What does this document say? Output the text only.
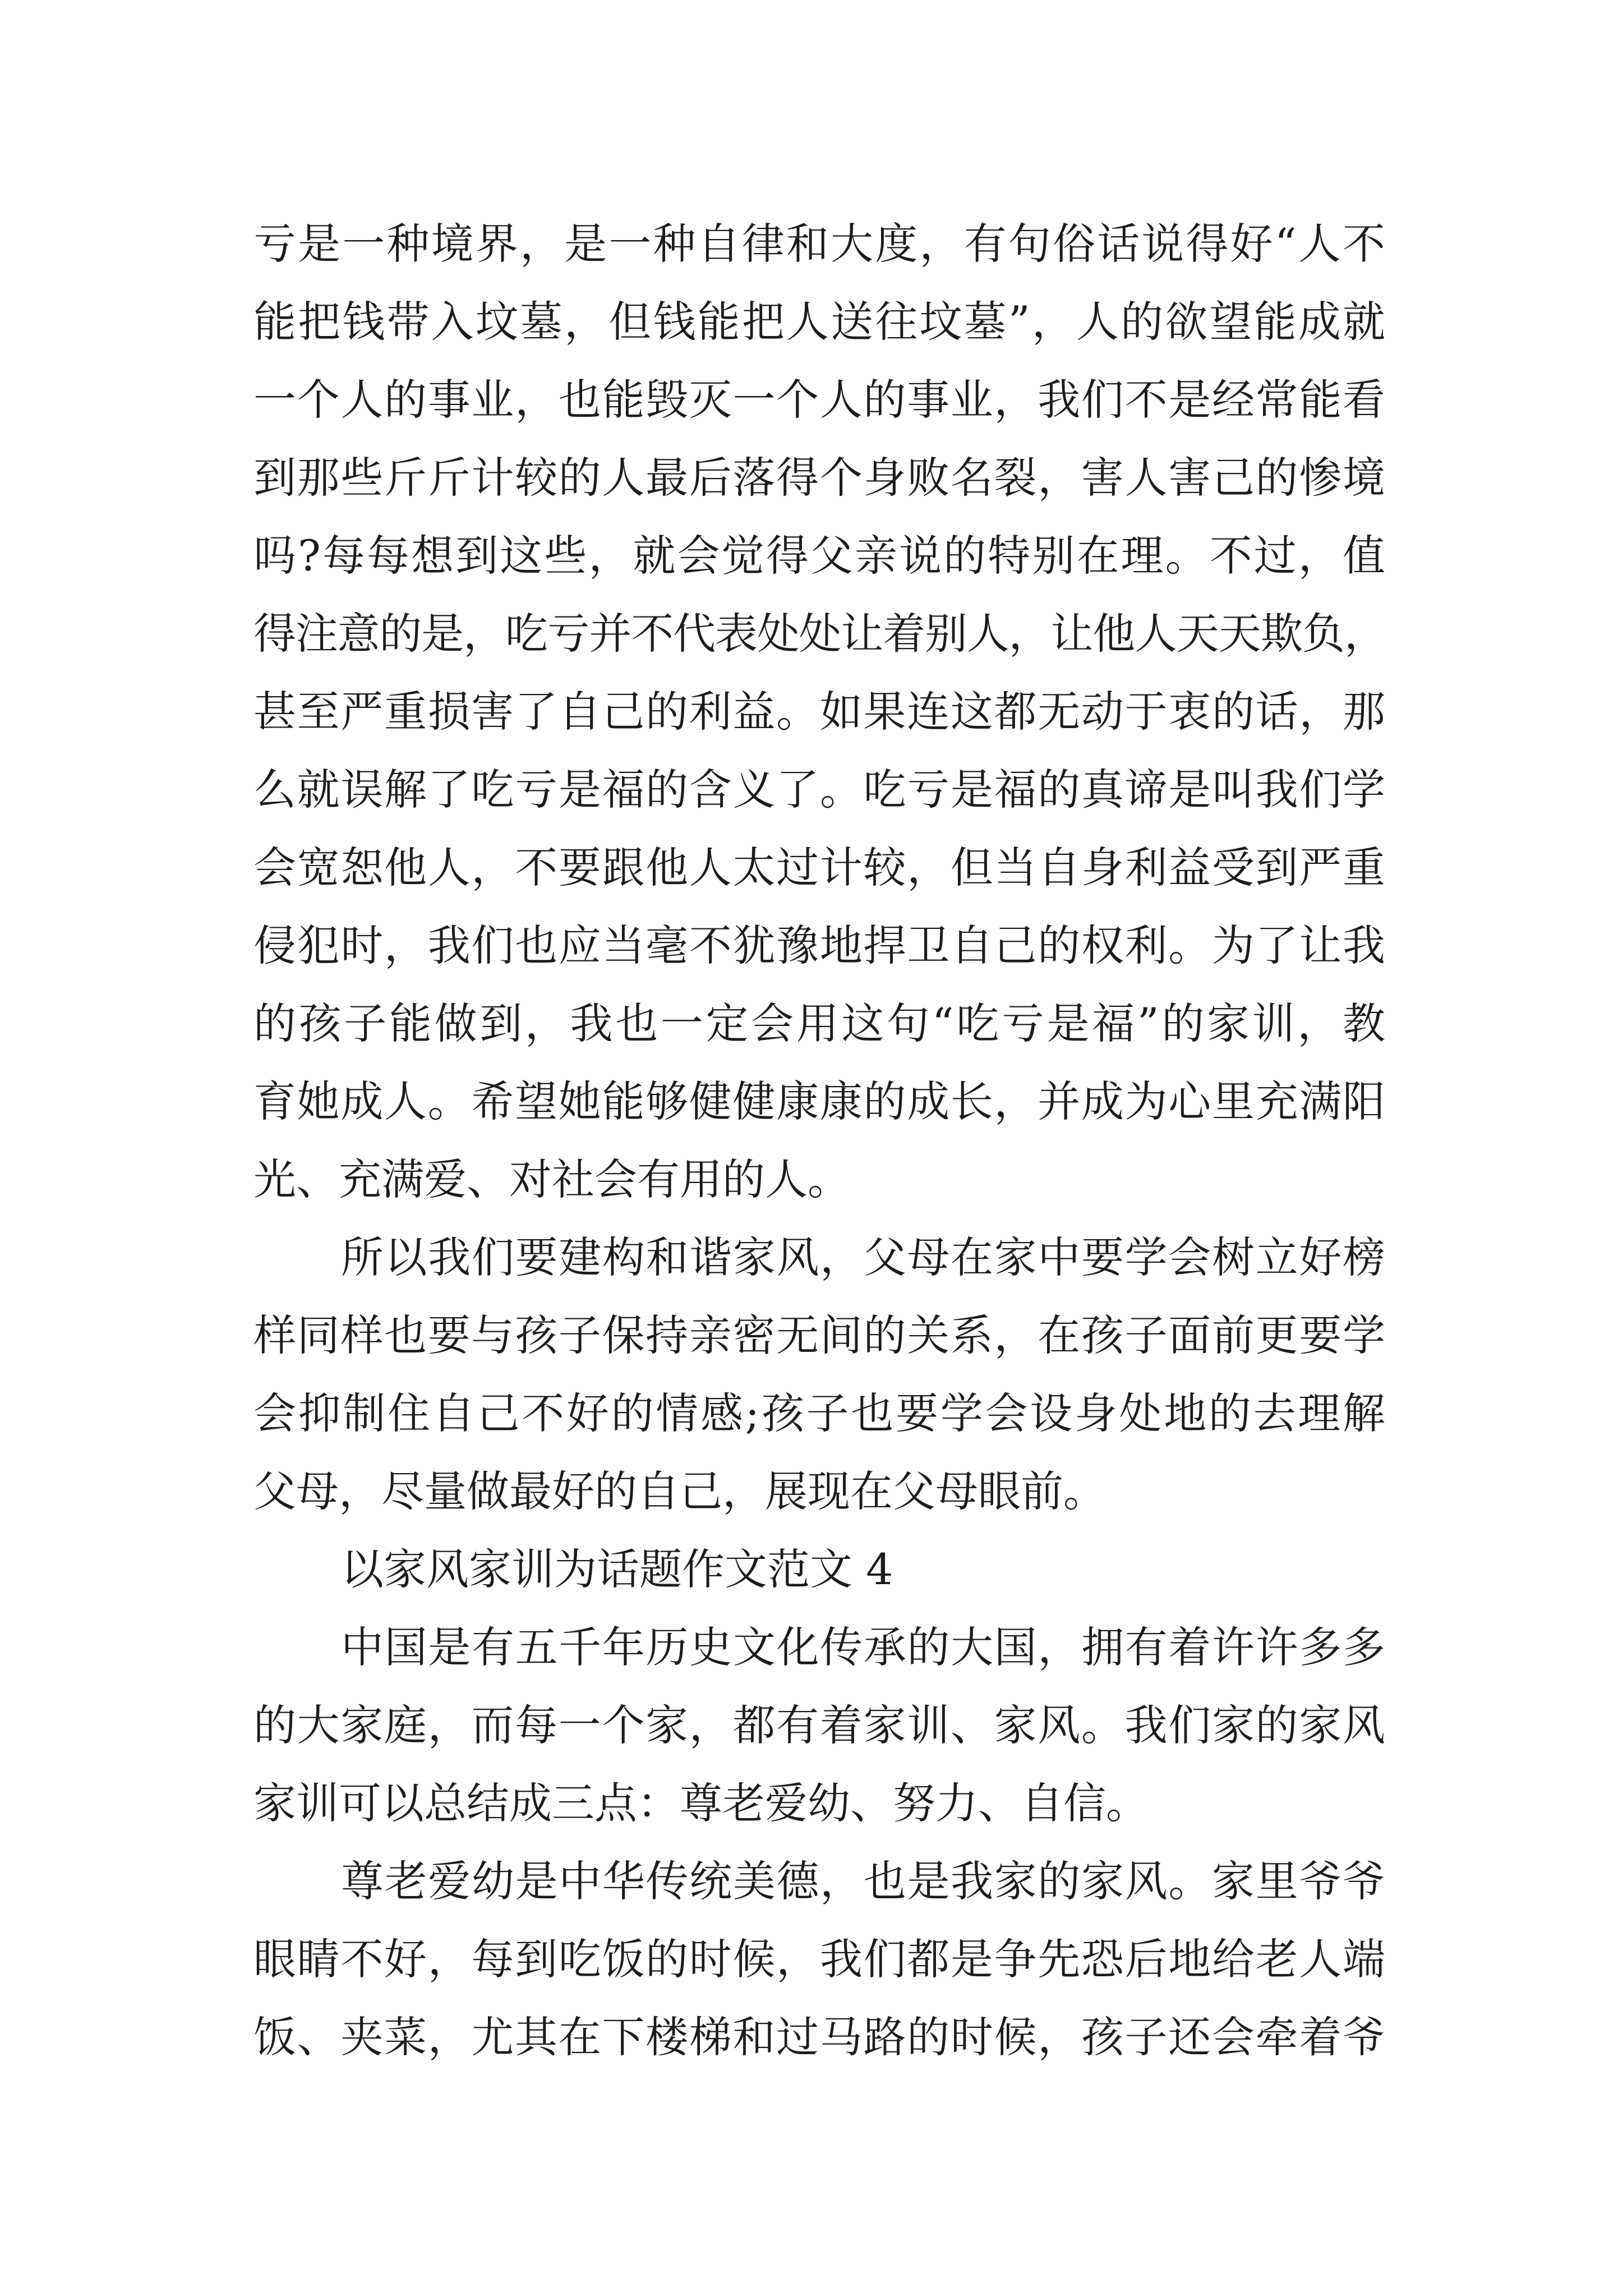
亏是一种境界，是一种自律和大度，有句俗话说得好“人不
能把钱带入坟墓，但钱能把人送往坟墓”，人的欲望能成就
一个人的事业，也能毁灭一个人的事业，我们不是经常能看
到那些斤斤计较的人最后落得个身败名裂，害人害己的惨境
吗?每每想到这些，就会觉得父亲说的特别在理。不过，值
得注意的是，吃亏并不代表处处让着别人，让他人天天欺负，
甚至严重损害了自己的利益。如果连这都无动于衷的话，那
么就误解了吃亏是福的含义了。吃亏是福的真谛是叫我们学
会宽恕他人，不要跟他人太过计较，但当自身利益受到严重
侵犯时，我们也应当毫不犹豫地捍卫自己的权利。为了让我
的孩子能做到，我也一定会用这句“吃亏是福”的家训，教
育她成人。希望她能够健健康康的成长，并成为心里充满阳
光、充满爱、对社会有用的人。
所以我们要建构和谐家风，父母在家中要学会树立好榜
样同样也要与孩子保持亲密无间的关系，在孩子面前更要学
会抑制住自己不好的情感;孩子也要学会设身处地的去理解
父母，尽量做最好的自己，展现在父母眼前。
以家风家训为话题作文范文 4
中国是有五千年历史文化传承的大国，拥有着许许多多
的大家庭，而每一个家，都有着家训、家风。我们家的家风
家训可以总结成三点：尊老爱幼、努力、自信。
尊老爱幼是中华传统美德，也是我家的家风。家里爷爷
眼睛不好，每到吃饭的时候，我们都是争先恐后地给老人端
饭、夹菜，尤其在下楼梯和过马路的时候，孩子还会牵着爷
